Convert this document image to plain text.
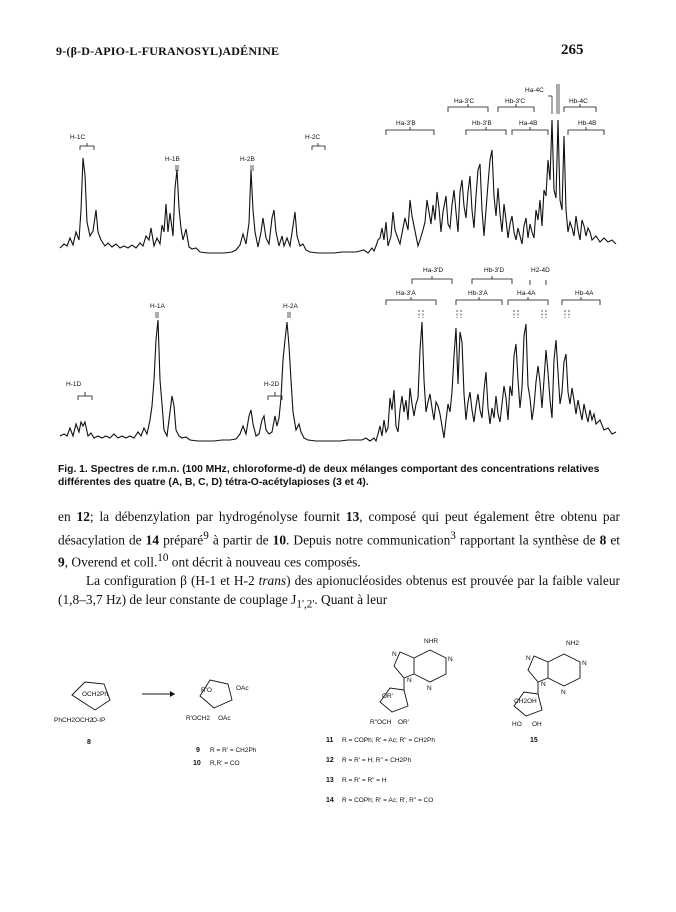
9-(β-D-APIO-L-FURANOSYL)ADÉNINE	265
H-1C
H-1B	H-2B
H-2C
Ha-3'B
Ha-3'C	Hb-3'C
Ha-4C
Hb-4C
Hb-3'B	Ha-4B	Hb-4B
H-1D
H-1A	H-2A
H-2D
Ha-3'D	Hb-3'D	H2-4D
Ha-3'A	Hb-3'A	Ha-4A	Hb-4A
Fig. 1. Spectres de r.m.n. (100 MHz, chloroforme-d) de deux mélanges comportant des concentrations relatives différentes des quatre (A, B, C, D) tétra-O-acétylapioses (3 et 4).

en 12; la débenzylation par hydrogénolyse fournit 13, composé qui peut également être obtenu par désacylation de 14 préparé$^9$ à partir de 10. Depuis notre communication$^3$ rapportant la synthèse de 8 et 9, Overend et coll.$^{10}$ ont décrit à nouveau ces composés.

La configuration β (H-1 et H-2 trans) des apionucléosides obtenus est prouvée par la faible valeur (1,8–3,7 Hz) de leur constante de couplage $J_{1',2'}$. Quant à leur

OCH2Ph
PhCH2OCH2
O-IP
8
OAc
R'O
R'OCH2 OAc
9 R = R' = CH2Ph
10 R,R' = CO
NHR
N
N
N
N
OR'
R"OCH OR'
NH2
N
N
N
N
CH2OH
HO OH
15
11 R = COPh; R' = Ac; R" = CH2Ph
12 R = R' = H; R" = CH2Ph
13 R = R' = R" = H
14 R = COPh; R' = Ac; R', R" = CO
